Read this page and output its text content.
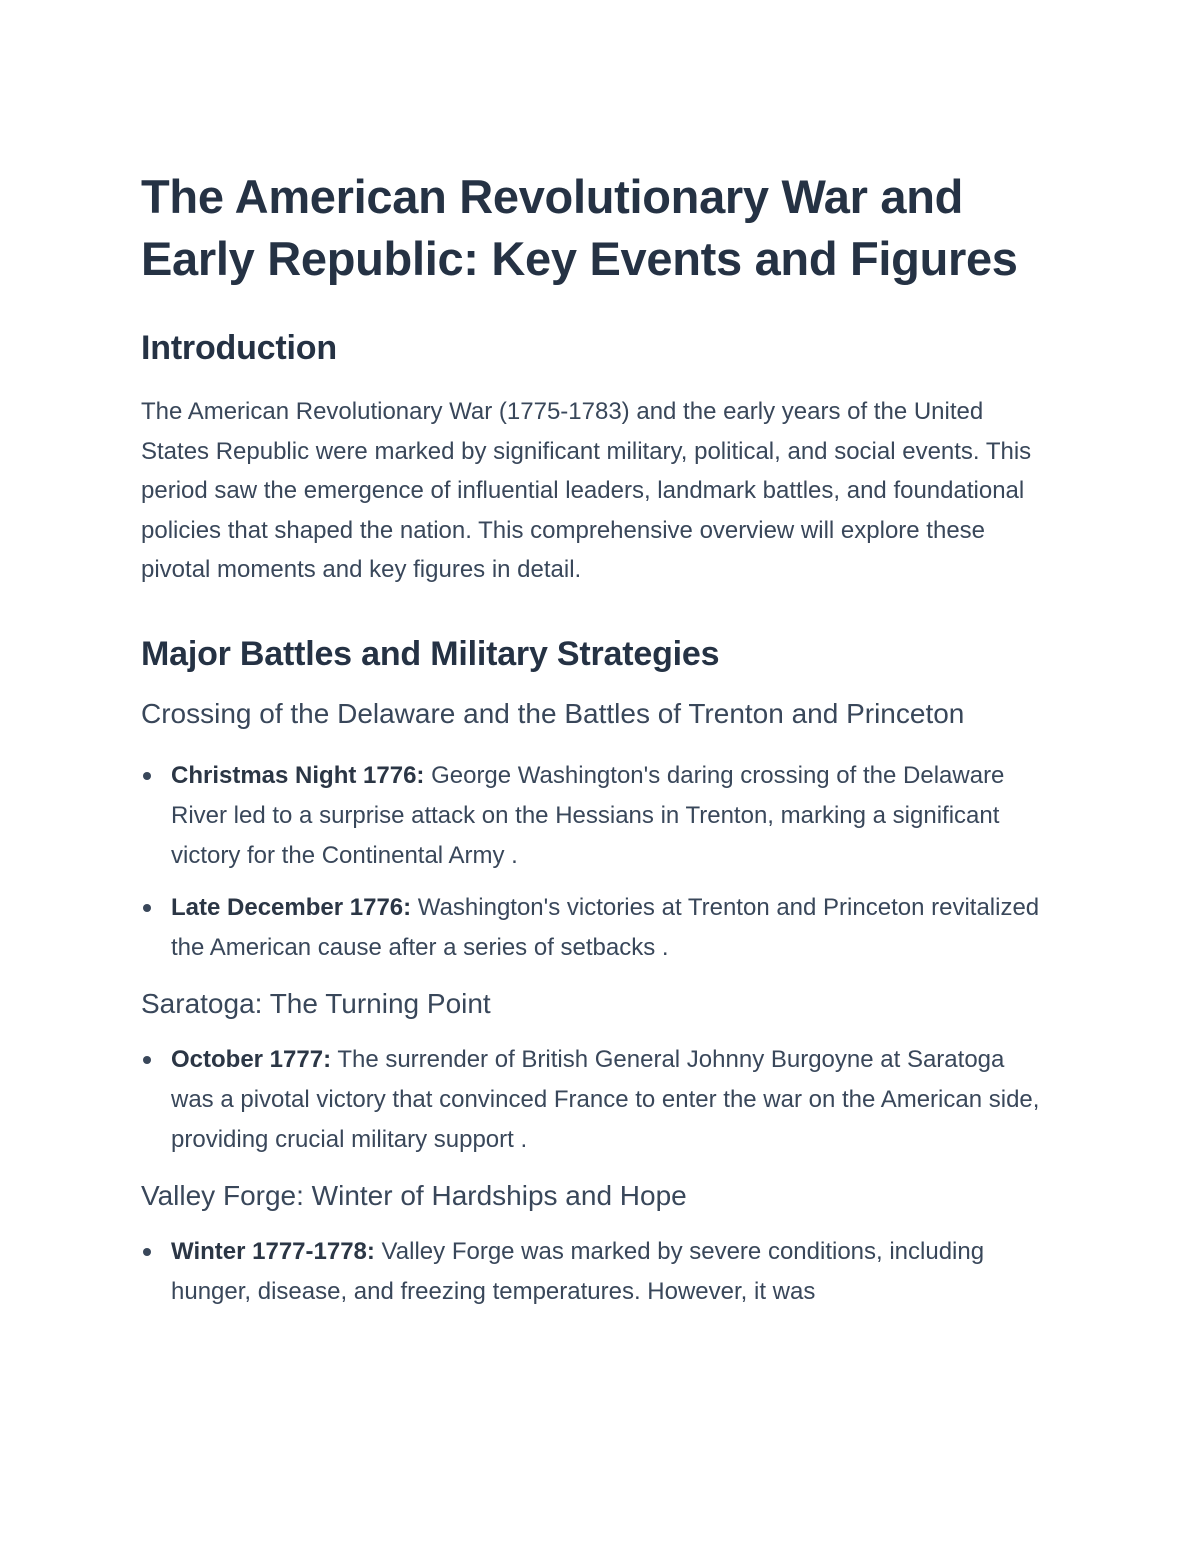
The American Revolutionary War and Early Republic: Key Events and Figures
Introduction

The American Revolutionary War (1775-1783) and the early years of the United States Republic were marked by significant military, political, and social events. This period saw the emergence of influential leaders, landmark battles, and foundational policies that shaped the nation. This comprehensive overview will explore these pivotal moments and key figures in detail.

Major Battles and Military Strategies
Crossing of the Delaware and the Battles of Trenton and Princeton
Christmas Night 1776: George Washington's daring crossing of the Delaware River led to a surprise attack on the Hessians in Trenton, marking a significant victory for the Continental Army .
Late December 1776: Washington's victories at Trenton and Princeton revitalized the American cause after a series of setbacks .
Saratoga: The Turning Point
October 1777: The surrender of British General Johnny Burgoyne at Saratoga was a pivotal victory that convinced France to enter the war on the American side, providing crucial military support .
Valley Forge: Winter of Hardships and Hope
Winter 1777-1778: Valley Forge was marked by severe conditions, including hunger, disease, and freezing temperatures. However, it was
